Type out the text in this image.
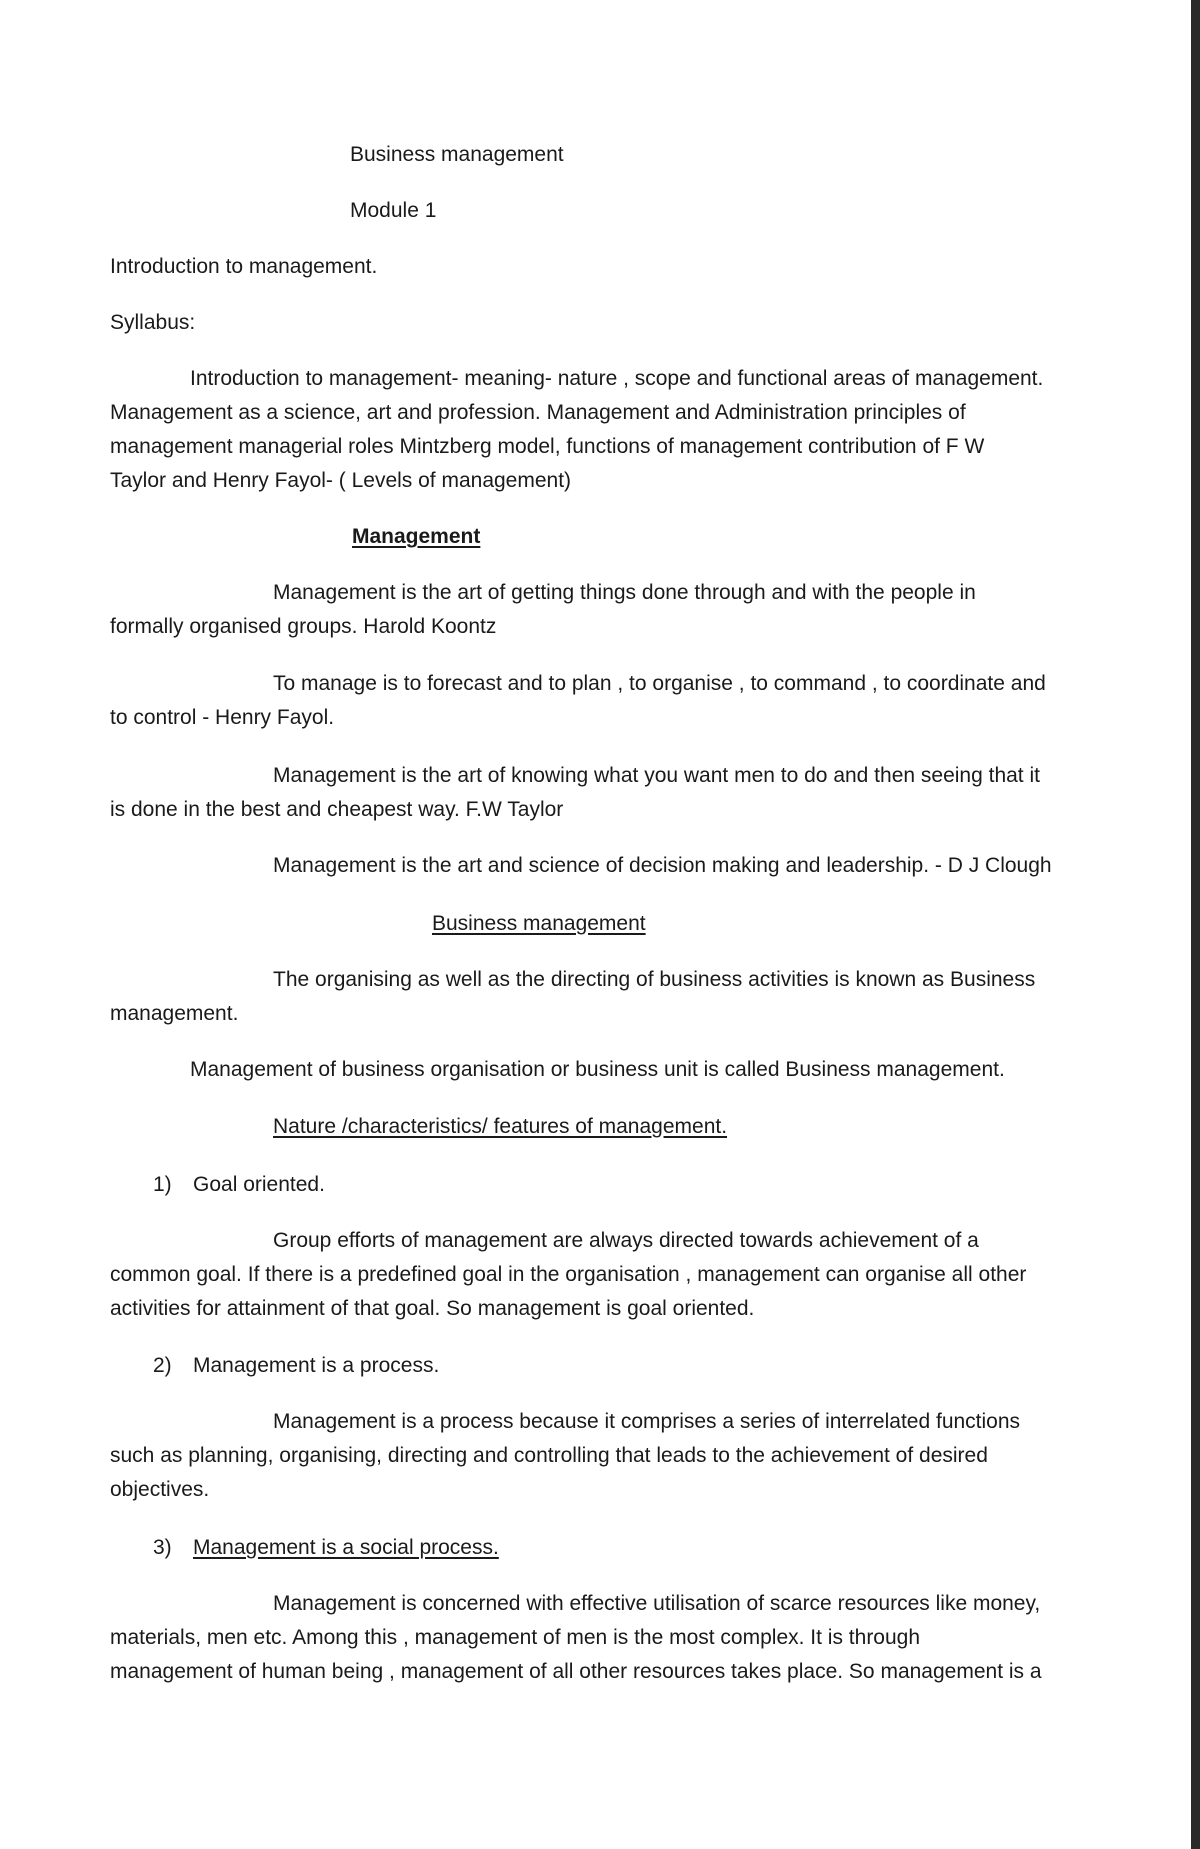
Business management
Module 1
Introduction to management.
Syllabus:
Introduction to management- meaning- nature , scope and functional areas of management.
Management as a science, art and profession. Management and Administration principles of
management managerial roles Mintzberg model, functions of management contribution of F W
Taylor and Henry Fayol- ( Levels of management)
Management
Management is the art of getting things done through and with the people in
formally organised groups. Harold Koontz
To manage is to forecast and to plan , to organise , to command , to coordinate and
to control - Henry Fayol.
Management is the art of knowing what you want men to do and then seeing that it
is done in the best and cheapest way. F.W Taylor
Management is the art and science of decision making and leadership. - D J Clough
Business management
The organising as well as the directing of business activities is known as Business
management.
Management of business organisation or business unit is called Business management.
Nature /characteristics/ features of management.
1) Goal oriented.
Group efforts of management are always directed towards achievement of a
common goal. If there is a predefined goal in the organisation , management can organise all other
activities for attainment of that goal. So management is goal oriented.
2) Management is a process.
Management is a process because it comprises a series of interrelated functions
such as planning, organising, directing and controlling that leads to the achievement of desired
objectives.
3) Management is a social process.
Management is concerned with effective utilisation of scarce resources like money,
materials, men etc. Among this , management of men is the most complex. It is through
management of human being , management of all other resources takes place. So management is a
